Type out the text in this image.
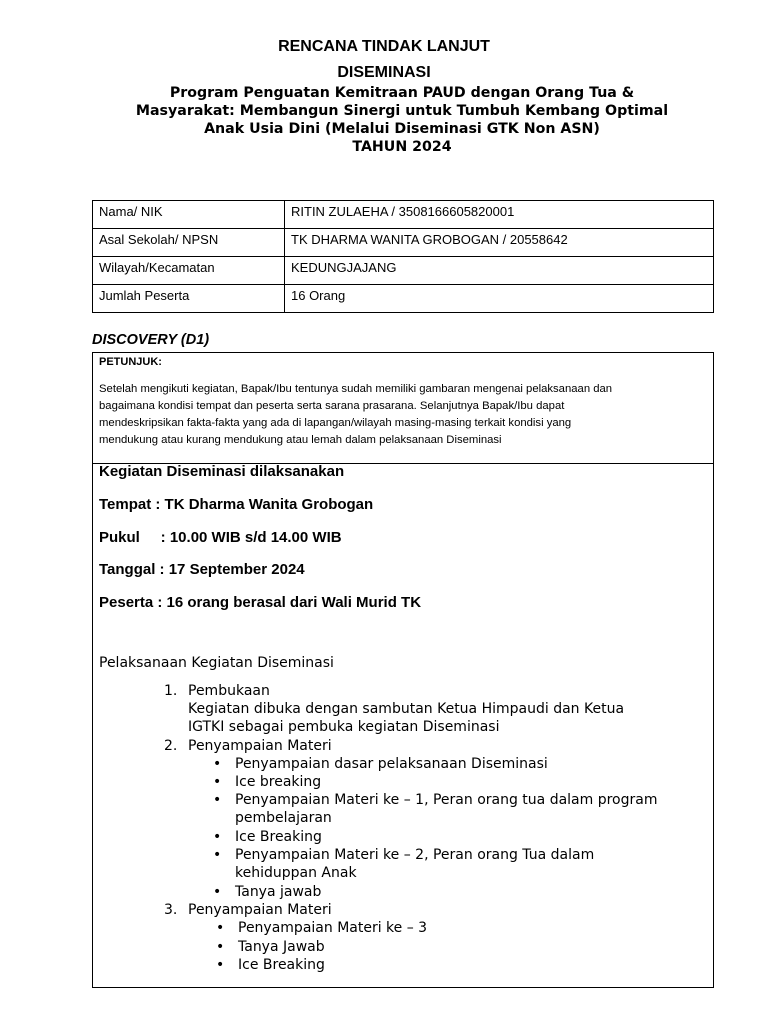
RENCANA TINDAK LANJUT
DISEMINASI
Program Penguatan Kemitraan PAUD dengan Orang Tua &
Masyarakat: Membangun Sinergi untuk Tumbuh Kembang Optimal
Anak Usia Dini (Melalui Diseminasi GTK Non ASN)
TAHUN 2024
Nama/ NIK	RITIN ZULAEHA / 3508166605820001
Asal Sekolah/ NPSN	TK DHARMA WANITA GROBOGAN / 20558642
Wilayah/Kecamatan	KEDUNGJAJANG
Jumlah Peserta	16 Orang
DISCOVERY (D1)
PETUNJUK:
Setelah mengikuti kegiatan, Bapak/Ibu tentunya sudah memiliki gambaran mengenai pelaksanaan dan
bagaimana kondisi tempat dan peserta serta sarana prasarana. Selanjutnya Bapak/Ibu dapat
mendeskripsikan fakta-fakta yang ada di lapangan/wilayah masing-masing terkait kondisi yang
mendukung atau kurang mendukung atau lemah dalam pelaksanaan Diseminasi
Kegiatan Diseminasi dilaksanakan
Tempat : TK Dharma Wanita Grobogan
Pukul     : 10.00 WIB s/d 14.00 WIB
Tanggal : 17 September 2024
Peserta : 16 orang berasal dari Wali Murid TK
Pelaksanaan Kegiatan Diseminasi
1. Pembukaan
Kegiatan dibuka dengan sambutan Ketua Himpaudi dan Ketua
IGTKI sebagai pembuka kegiatan Diseminasi
2. Penyampaian Materi
• Penyampaian dasar pelaksanaan Diseminasi
• Ice breaking
• Penyampaian Materi ke – 1, Peran orang tua dalam program
pembelajaran
• Ice Breaking
• Penyampaian Materi ke – 2, Peran orang Tua dalam
kehiduppan Anak
• Tanya jawab
3. Penyampaian Materi
• Penyampaian Materi ke – 3
• Tanya Jawab
• Ice Breaking
